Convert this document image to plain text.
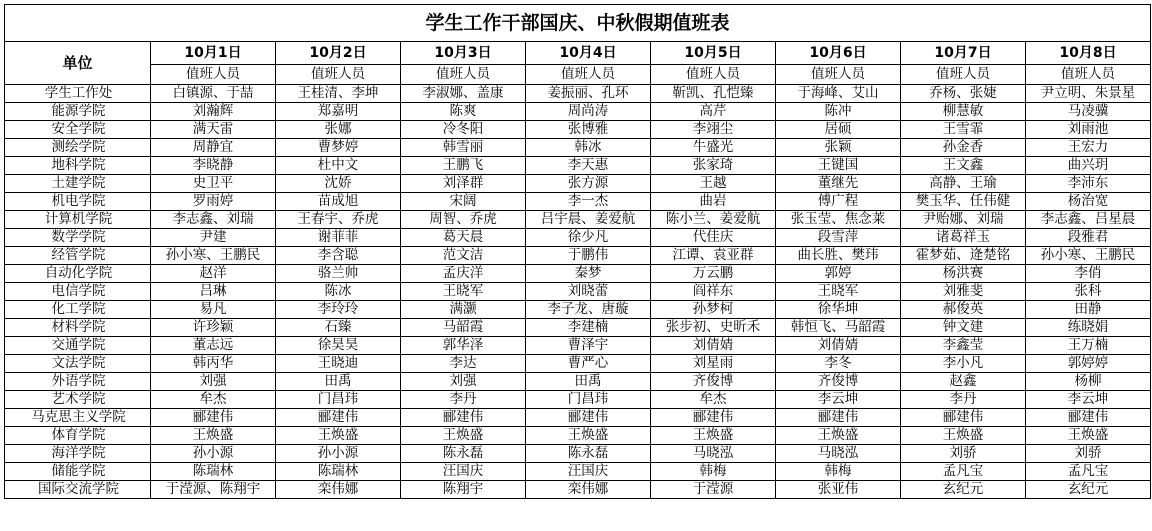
学生工作干部国庆、中秋假期值班表								
单位	10月1日	10月2日	10月3日	10月4日	10月5日	10月6日	10月7日	10月8日
	值班人员	值班人员	值班人员	值班人员	值班人员	值班人员	值班人员	值班人员
学生工作处	白镇源、于喆	王桂清、李坤	李淑娜、盖康	姜振丽、孔环	靳凯、孔恺臻	于海峰、艾山	乔杨、张婕	尹立明、朱景星
能源学院	刘瀚辉	郑嘉明	陈爽	周尚涛	高芹	陈冲	柳慧敏	马凌骥
安全学院	满天雷	张娜	冷冬阳	张博雅	李翊尘	居硕	王雪霏	刘雨池
测绘学院	周静宜	曹梦婷	韩雪丽	韩冰	牛盛光	张颖	孙金香	王宏力
地科学院	李晓静	杜中文	王鹏飞	李天惠	张家琦	王键国	王文鑫	曲兴玥
土建学院	史卫平	沈娇	刘泽群	张方源	王越	董继先	高静、王瑜	李沛东
机电学院	罗雨婷	苗成旭	宋阔	李一杰	曲岩	傅广程	樊玉华、任伟健	杨治宽
计算机学院	李志鑫、刘瑞	王春宇、乔虎	周智、乔虎	吕宇晨、姜爱航	陈小兰、姜爱航	张玉莹、焦念莱	尹贻娜、刘瑞	李志鑫、吕星晨
数学学院	尹建	谢菲菲	葛天晨	徐少凡	代佳庆	段雪萍	诸葛祥玉	段雅君
经管学院	孙小寒、王鹏民	李含聪	范文洁	于鹏伟	江谭、袁亚群	曲长胜、樊玮	霍梦茹、逄楚铭	孙小寒、王鹏民
自动化学院	赵洋	骆兰帅	孟庆洋	秦梦	万云鹏	郭婷	杨洪赛	李俏
电信学院	吕琳	陈冰	王晓军	刘晓蕾	阎祥东	王晓军	刘雅斐	张科
化工学院	易凡	李玲玲	满灏	李子龙、唐璇	孙梦柯	徐华坤	郝俊英	田静
材料学院	许珍颖	石臻	马韶霞	李建楠	张步初、史昕禾	韩恒飞、马韶霞	钟文建	练晓娟
交通学院	董志远	徐昊昊	郭华泽	曹泽宇	刘倩婧	刘倩婧	李鑫莹	王万楠
文法学院	韩丙华	王晓迪	李达	曹严心	刘星雨	李冬	李小凡	郭婷婷
外语学院	刘强	田禹	刘强	田禹	齐俊博	齐俊博	赵鑫	杨柳
艺术学院	牟杰	门昌玮	李丹	门昌玮	牟杰	李云坤	李丹	李云坤
马克思主义学院	郦建伟	郦建伟	郦建伟	郦建伟	郦建伟	郦建伟	郦建伟	郦建伟
体育学院	王焕盛	王焕盛	王焕盛	王焕盛	王焕盛	王焕盛	王焕盛	王焕盛
海洋学院	孙小源	孙小源	陈永磊	陈永磊	马晓泓	马晓泓	刘骄	刘骄
储能学院	陈瑞林	陈瑞林	汪国庆	汪国庆	韩梅	韩梅	孟凡宝	孟凡宝
国际交流学院	于滢源、陈翔宇	栾伟娜	陈翔宇	栾伟娜	于滢源	张亚伟	玄纪元	玄纪元
